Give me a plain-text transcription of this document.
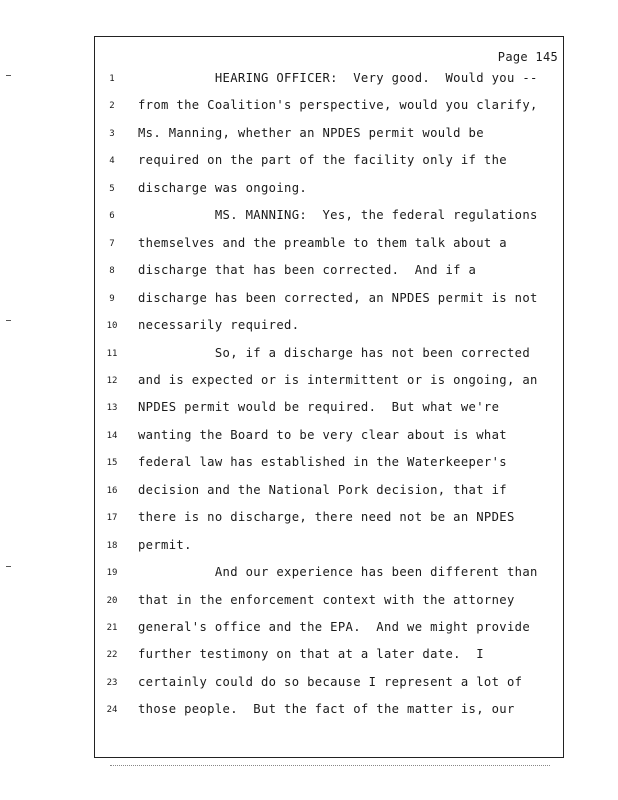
Page 145
1	HEARING OFFICER:  Very good.  Would you --
2	from the Coalition's perspective, would you clarify,
3	Ms. Manning, whether an NPDES permit would be
4	required on the part of the facility only if the
5	discharge was ongoing.
6	MS. MANNING:  Yes, the federal regulations
7	themselves and the preamble to them talk about a
8	discharge that has been corrected.  And if a
9	discharge has been corrected, an NPDES permit is not
10	necessarily required.
11	So, if a discharge has not been corrected
12	and is expected or is intermittent or is ongoing, an
13	NPDES permit would be required.  But what we're
14	wanting the Board to be very clear about is what
15	federal law has established in the Waterkeeper's
16	decision and the National Pork decision, that if
17	there is no discharge, there need not be an NPDES
18	permit.
19	And our experience has been different than
20	that in the enforcement context with the attorney
21	general's office and the EPA.  And we might provide
22	further testimony on that at a later date.  I
23	certainly could do so because I represent a lot of
24	those people.  But the fact of the matter is, our
